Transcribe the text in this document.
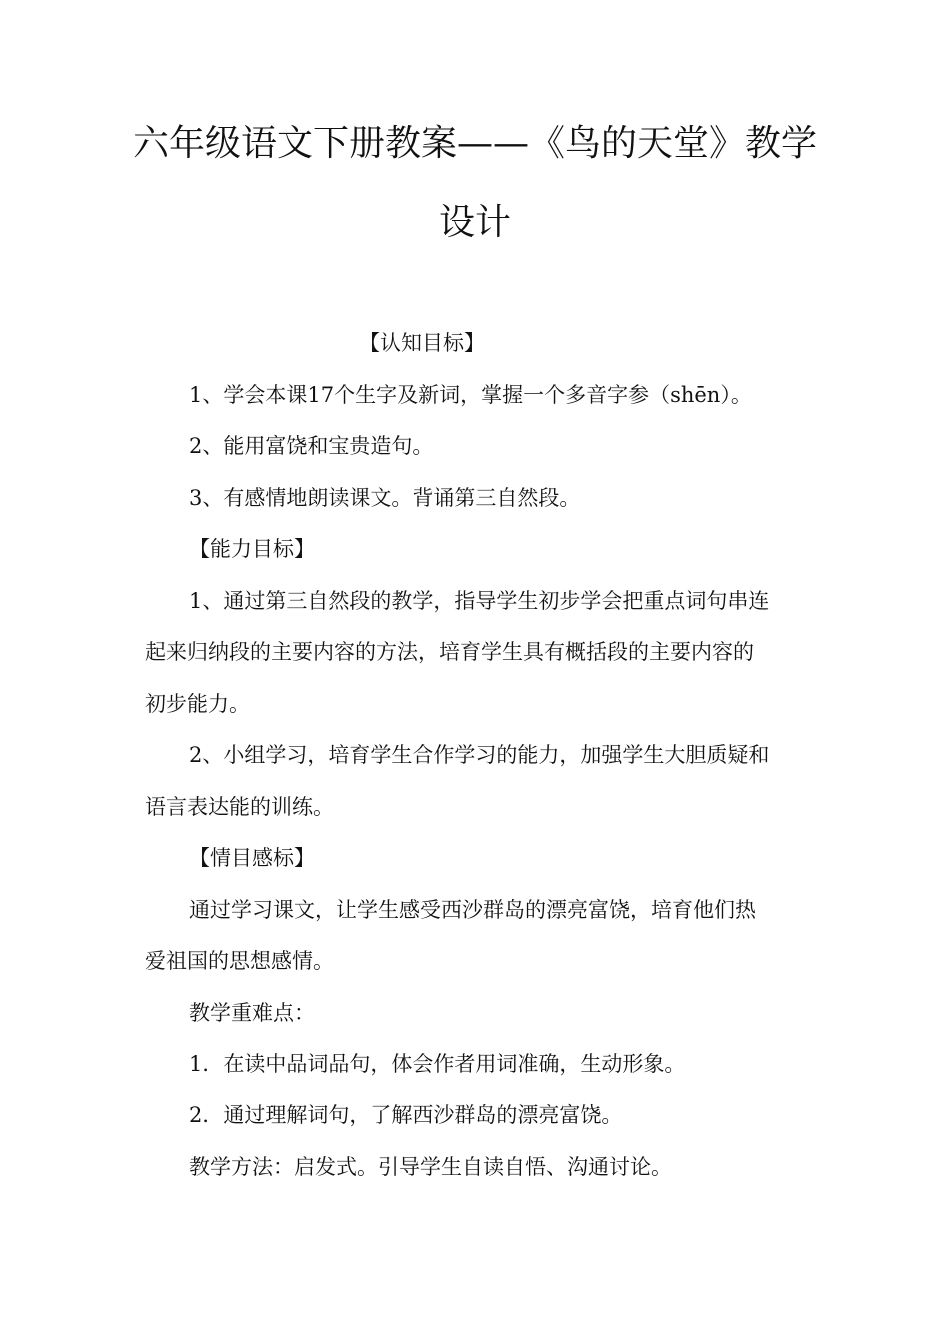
六年级语文下册教案——《鸟的天堂》教学
设计
【认知目标】
1、学会本课17个生字及新词，掌握一个多音字参（shēn）。
2、能用富饶和宝贵造句。
3、有感情地朗读课文。背诵第三自然段。
【能力目标】
1、通过第三自然段的教学，指导学生初步学会把重点词句串连
起来归纳段的主要内容的方法，培育学生具有概括段的主要内容的
初步能力。
2、小组学习，培育学生合作学习的能力，加强学生大胆质疑和
语言表达能的训练。
【情目感标】
通过学习课文，让学生感受西沙群岛的漂亮富饶，培育他们热
爱祖国的思想感情。
教学重难点：
1．在读中品词品句，体会作者用词准确，生动形象。
2．通过理解词句，了解西沙群岛的漂亮富饶。
教学方法：启发式。引导学生自读自悟、沟通讨论。
